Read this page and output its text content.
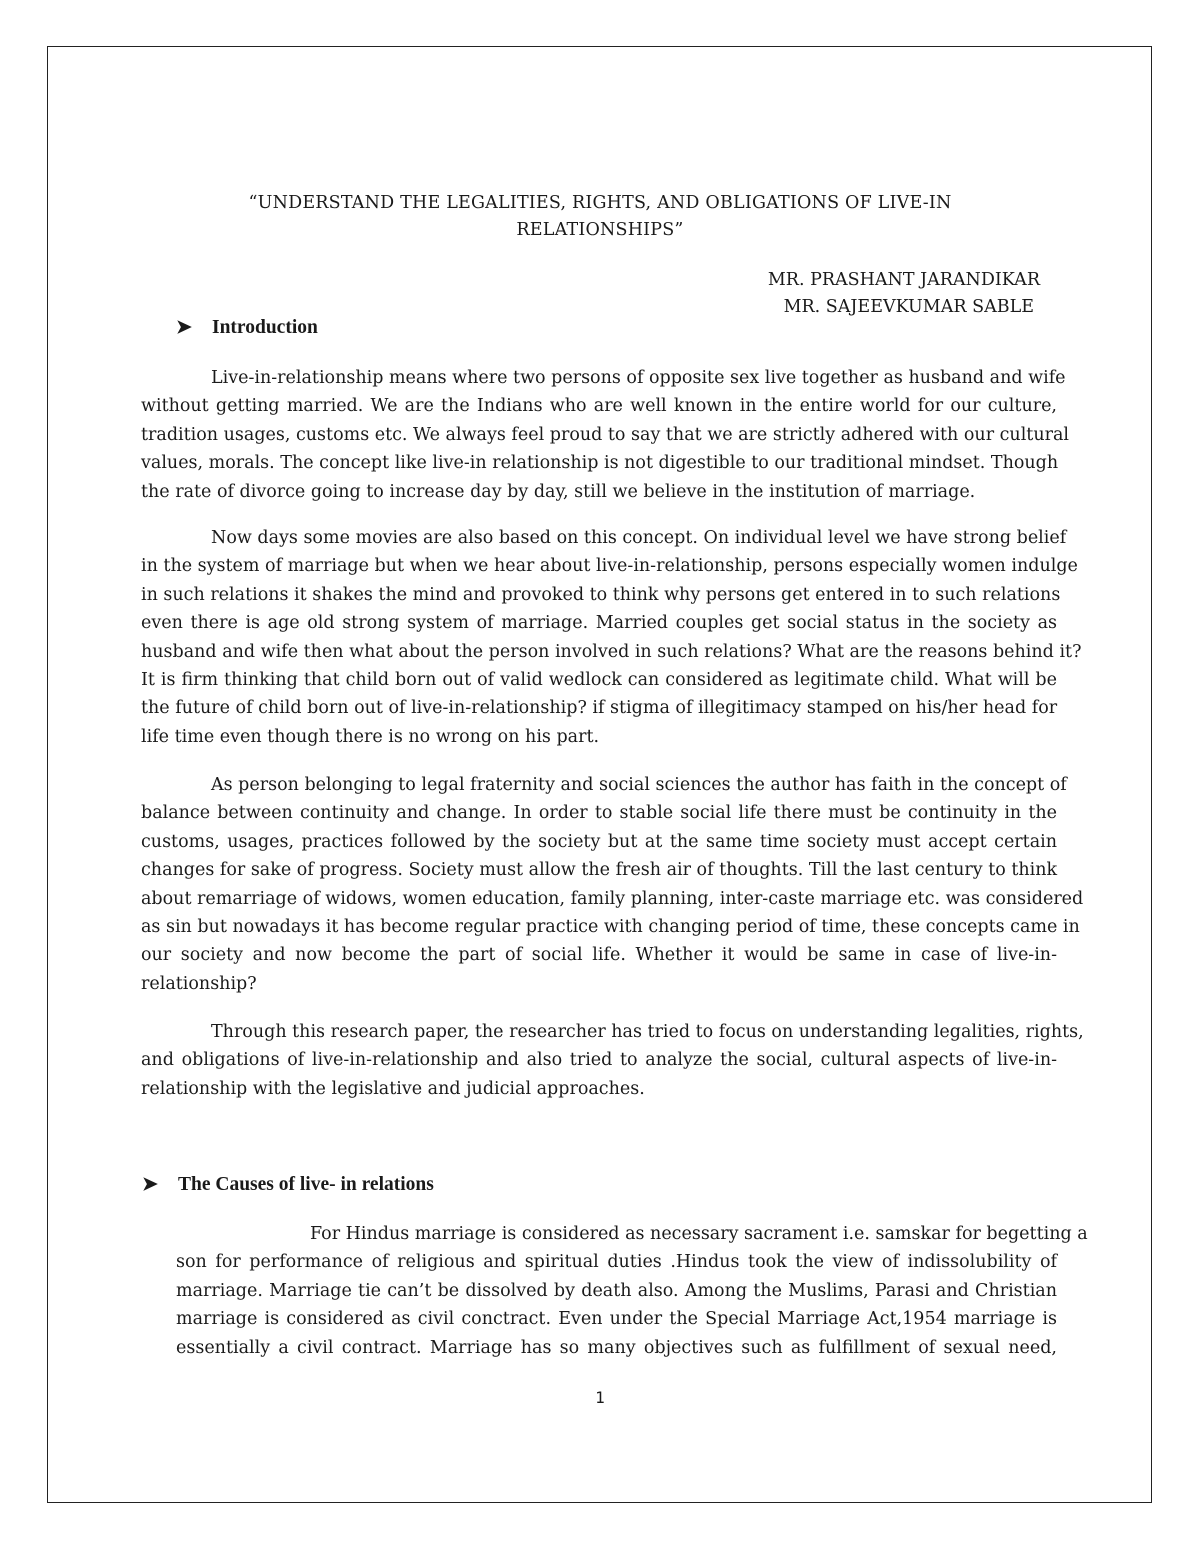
“UNDERSTAND THE LEGALITIES, RIGHTS, AND OBLIGATIONS OF LIVE-IN
RELATIONSHIPS”
MR. PRASHANT JARANDIKAR
MR. SAJEEVKUMAR SABLE
➤	Introduction
Live-in-relationship means where two persons of opposite sex live together as husband and wife
without getting married. We are the Indians who are well known in the entire world for our culture,
tradition usages, customs etc. We always feel proud to say that we are strictly adhered with our cultural
values, morals. The concept like live-in relationship is not digestible to our traditional mindset. Though
the rate of divorce going to increase day by day, still we believe in the institution of marriage.
Now days some movies are also based on this concept. On individual level we have strong belief
in the system of marriage but when we hear about live-in-relationship, persons especially women indulge
in such relations it shakes the mind and provoked to think why persons get entered in to such relations
even there is age old strong system of marriage. Married couples get social status in the society as
husband and wife then what about the person involved in such relations? What are the reasons behind it?
It is firm thinking that child born out of valid wedlock can considered as legitimate child. What will be
the future of child born out of live-in-relationship? if stigma of illegitimacy stamped on his/her head for
life time even though there is no wrong on his part.
As person belonging to legal fraternity and social sciences the author has faith in the concept of
balance between continuity and change. In order to stable social life there must be continuity in the
customs, usages, practices followed by the society but at the same time society must accept certain
changes for sake of progress. Society must allow the fresh air of thoughts. Till the last century to think
about remarriage of widows, women education, family planning, inter-caste marriage etc. was considered
as sin but nowadays it has become regular practice with changing period of time, these concepts came in
our society and now become the part of social life. Whether it would be same in case of live-in-
relationship?
Through this research paper, the researcher has tried to focus on understanding legalities, rights,
and obligations of live-in-relationship and also tried to analyze the social, cultural aspects of live-in-
relationship with the legislative and judicial approaches.
➤	The Causes of live- in relations
For Hindus marriage is considered as necessary sacrament i.e. samskar for begetting a
son for performance of religious and spiritual duties .Hindus took the view of indissolubility of
marriage. Marriage tie can’t be dissolved by death also. Among the Muslims, Parasi and Christian
marriage is considered as civil conctract. Even under the Special Marriage Act,1954 marriage is
essentially a civil contract. Marriage has so many objectives such as fulfillment of sexual need,
1
